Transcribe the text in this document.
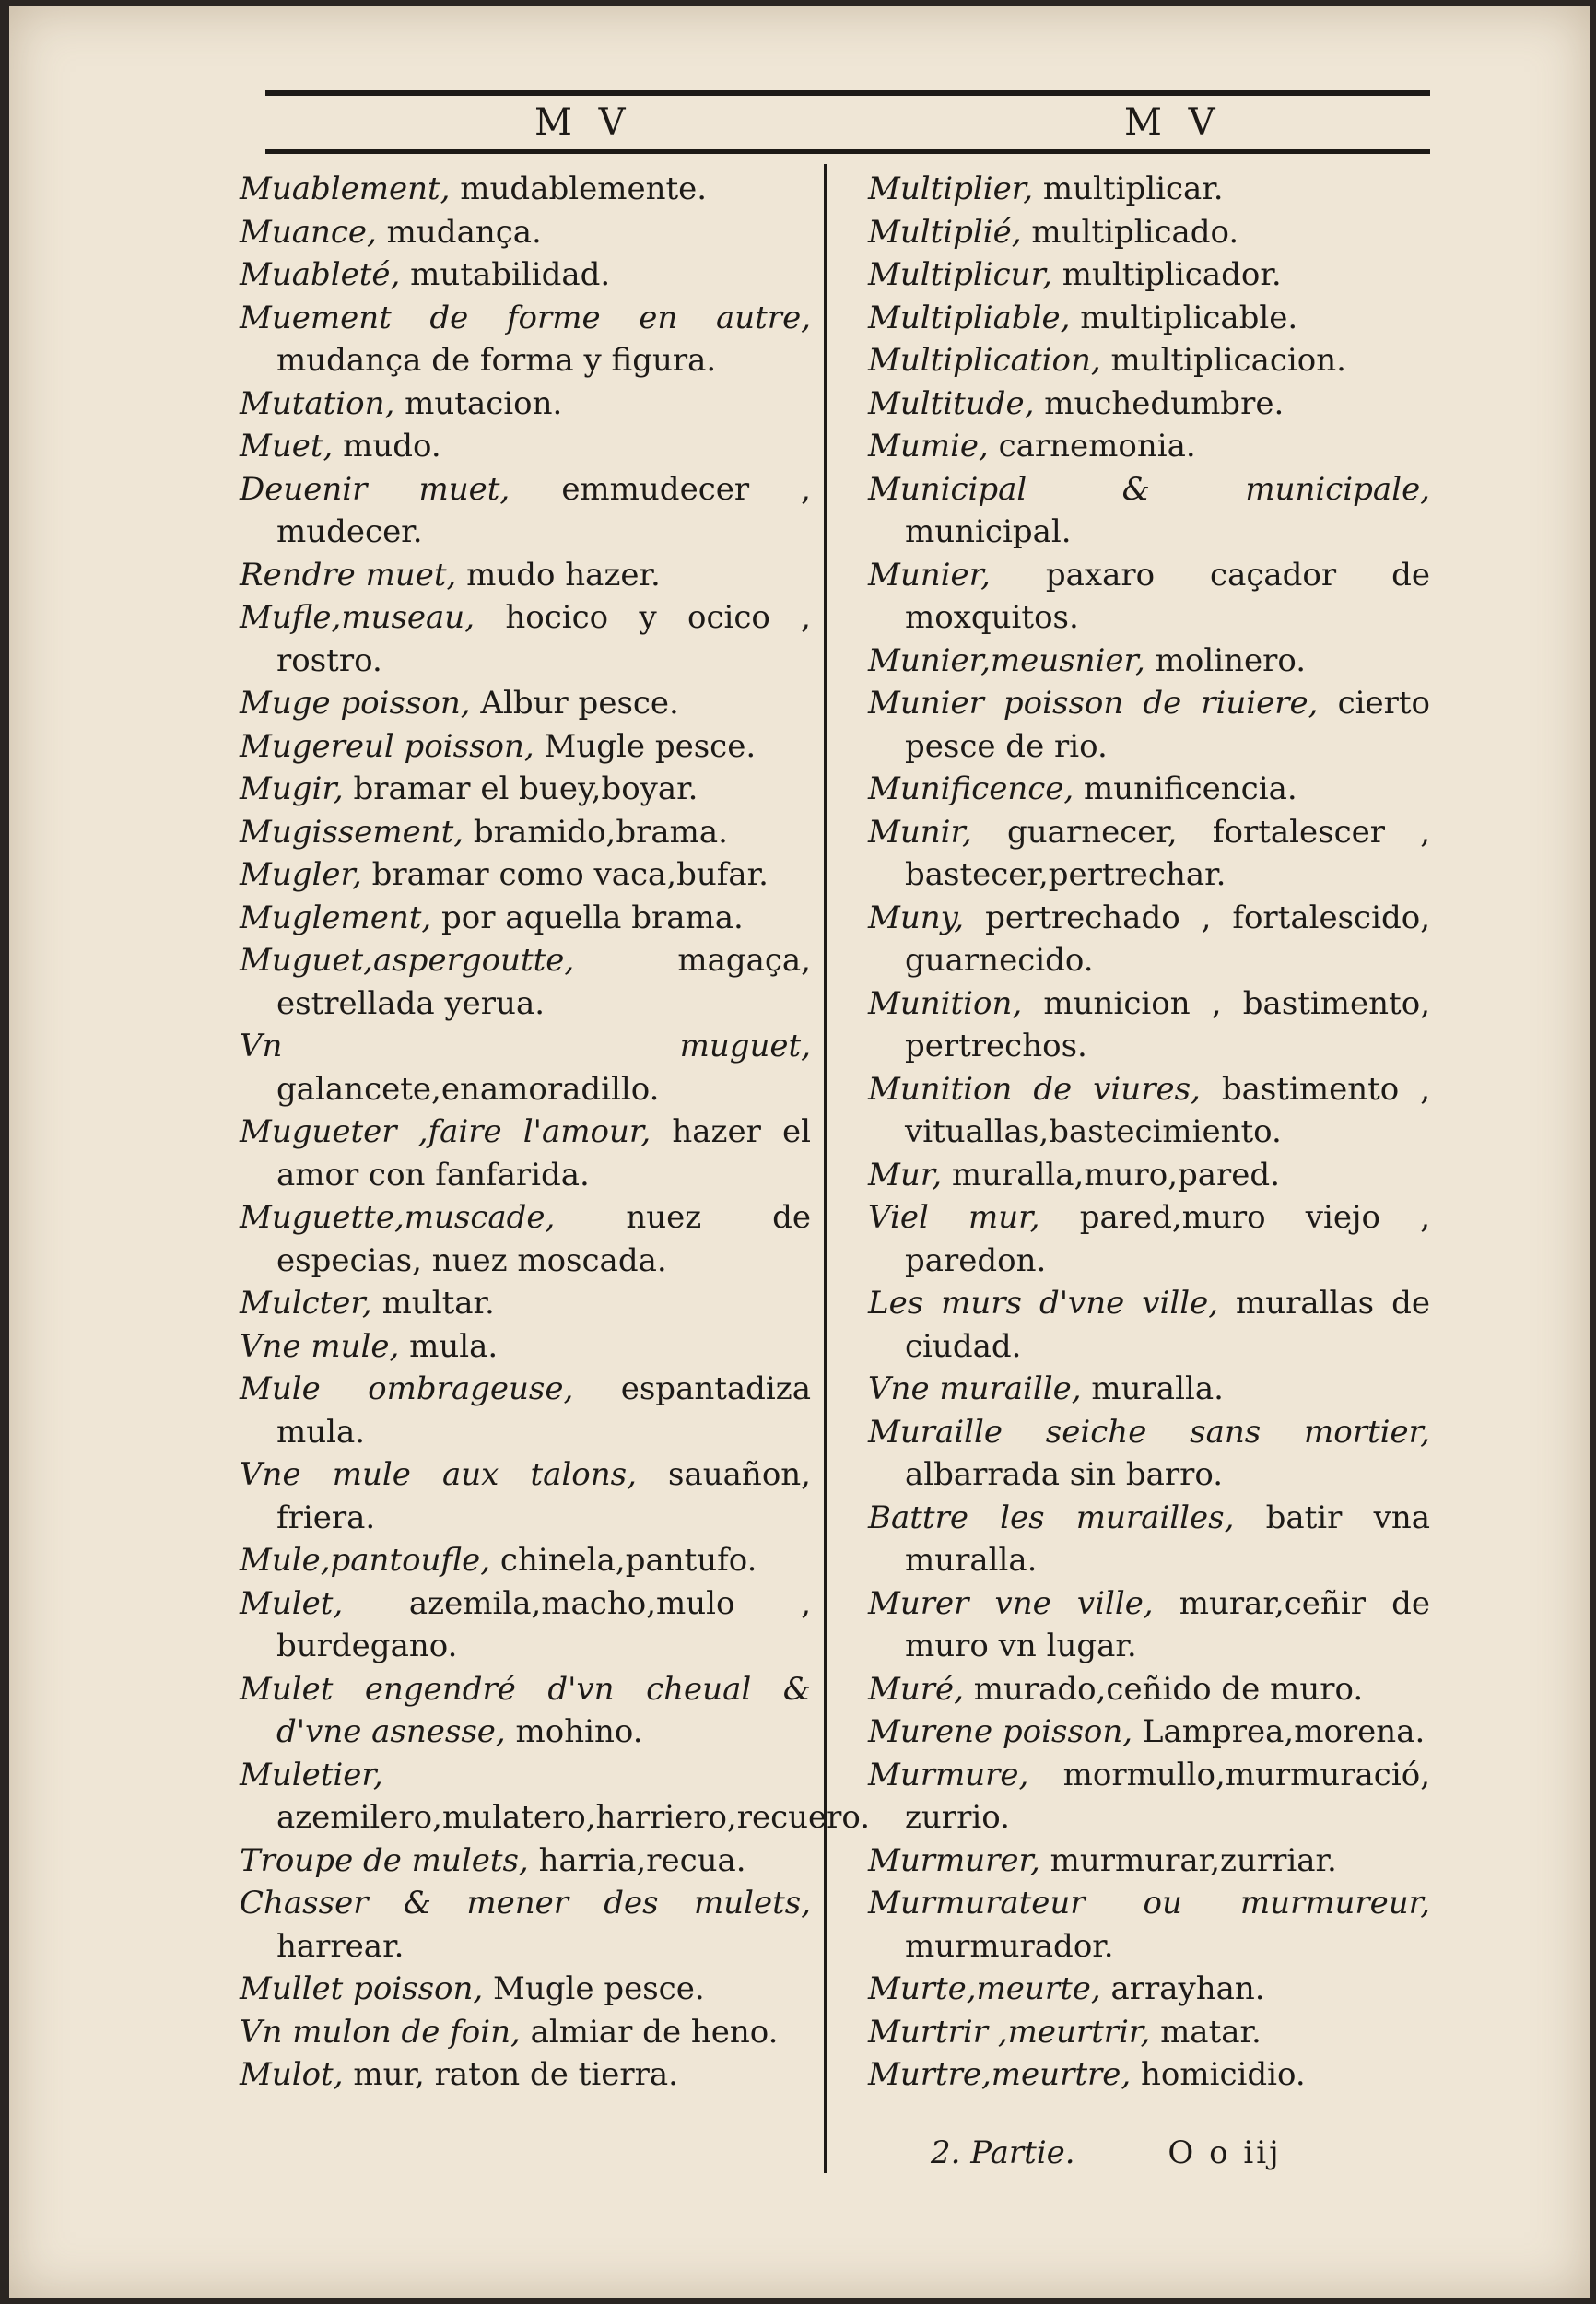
M V	M V
Muablement, mudablemente.
Muance, mudança.
Muableté, mutabilidad.
Muement de forme en autre, mudança de forma y figura.
Mutation, mutacion.
Muet, mudo.
Deuenir muet, emmudecer , mudecer.
Rendre muet, mudo hazer.
Mufle,museau, hocico y ocico , rostro.
Muge poisson, Albur pesce.
Mugereul poisson, Mugle pesce.
Mugir, bramar el buey,boyar.
Mugissement, bramido,brama.
Mugler, bramar como vaca,bufar.
Muglement, por aquella brama.
Muguet,aspergoutte,	magaça, estrellada yerua.
Vn muguet, galancete,enamoradillo.
Mugueter ,faire l'amour, hazer el amor con fanfarida.
Muguette,muscade, nuez de especias, nuez moscada.
Mulcter, multar.
Vne mule, mula.
Mule ombrageuse, espantadiza mula.
Vne mule aux talons, sauañon, friera.
Mule,pantoufle, chinela,pantufo.
Mulet, azemila,macho,mulo , burdegano.
Mulet engendré d'vn cheual & d'vne asnesse, mohino.
Muletier, azemilero,mulatero,harriero,recuero.
Troupe de mulets, harria,recua.
Chasser & mener des mulets, harrear.
Mullet poisson, Mugle pesce.
Vn mulon de foin, almiar de heno.
Mulot, mur, raton de tierra.
Multiplier, multiplicar.
Multiplié, multiplicado.
Multiplicur, multiplicador.
Multipliable, multiplicable.
Multiplication, multiplicacion.
Multitude, muchedumbre.
Mumie, carnemonia.
Municipal & municipale, municipal.
Munier, paxaro caçador de moxquitos.
Munier,meusnier, molinero.
Munier poisson de riuiere, cierto pesce de rio.
Munificence, munificencia.
Munir, guarnecer, fortalescer , bastecer,pertrechar.
Muny, pertrechado , fortalescido, guarnecido.
Munition, municion , bastimento, pertrechos.
Munition de viures, bastimento , vituallas,bastecimiento.
Mur, muralla,muro,pared.
Viel mur, pared,muro viejo , paredon.
Les murs d'vne ville, murallas de ciudad.
Vne muraille, muralla.
Muraille seiche sans mortier, albarrada sin barro.
Battre les murailles, batir vna muralla.
Murer vne ville, murar,ceñir de muro vn lugar.
Muré, murado,ceñido de muro.
Murene poisson, Lamprea,morena.
Murmure, mormullo,murmuració, zurrio.
Murmurer, murmurar,zurriar.
Murmurateur ou murmureur, murmurador.
Murte,meurte, arrayhan.
Murtrir ,meurtrir, matar.
Murtre,meurtre, homicidio.
2. Partie.	O o iij
